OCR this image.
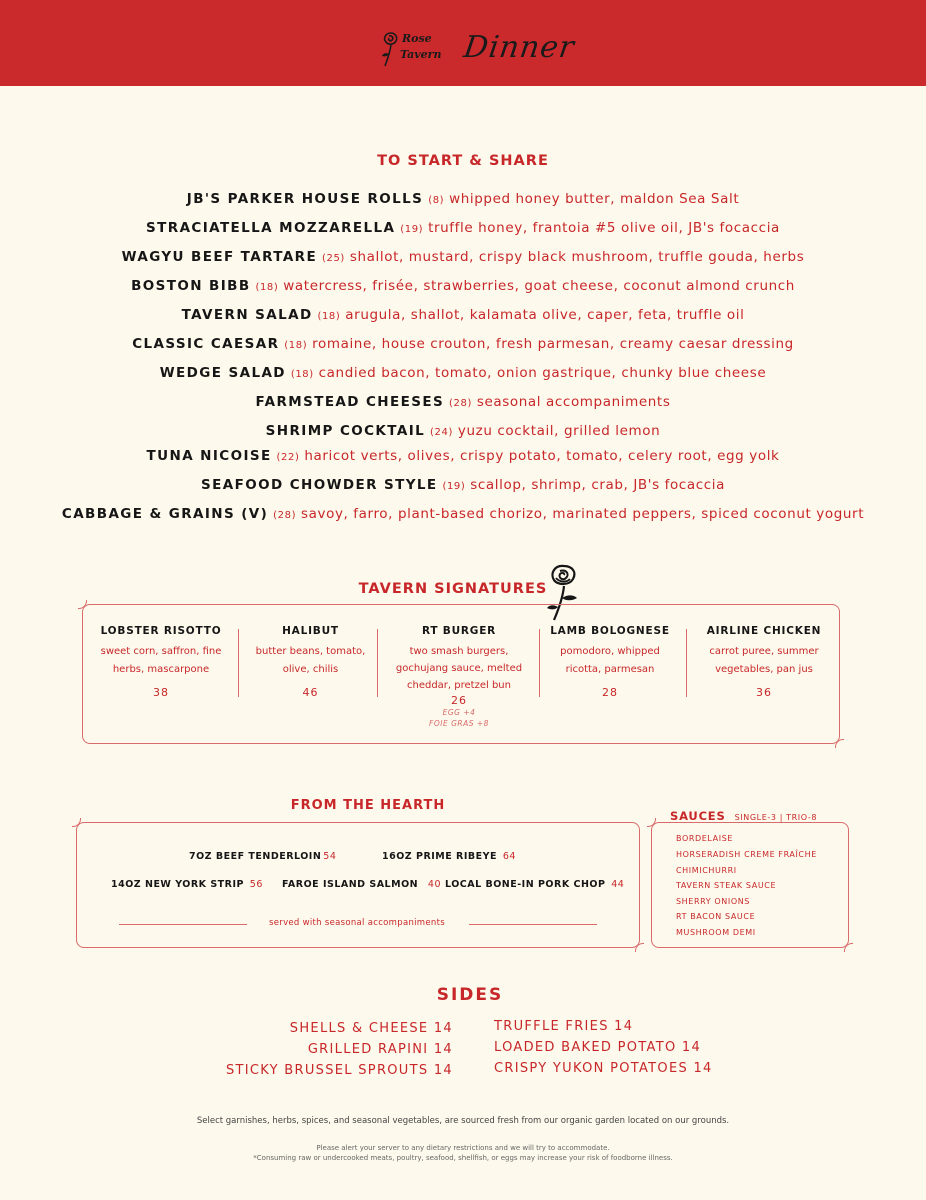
Rose
Tavern Dinner
TO START & SHARE
JB'S PARKER HOUSE ROLLS (8) whipped honey butter, maldon Sea Salt
STRACIATELLA MOZZARELLA (19) truffle honey, frantoia #5 olive oil, JB's focaccia
WAGYU BEEF TARTARE (25) shallot, mustard, crispy black mushroom, truffle gouda, herbs
BOSTON BIBB (18) watercress, frisée, strawberries, goat cheese, coconut almond crunch
TAVERN SALAD (18) arugula, shallot, kalamata olive, caper, feta, truffle oil
CLASSIC CAESAR (18) romaine, house crouton, fresh parmesan, creamy caesar dressing
WEDGE SALAD (18) candied bacon, tomato, onion gastrique, chunky blue cheese
FARMSTEAD CHEESES (28) seasonal accompaniments
SHRIMP COCKTAIL (24) yuzu cocktail, grilled lemon
TUNA NICOISE (22) haricot verts, olives, crispy potato, tomato, celery root, egg yolk
SEAFOOD CHOWDER STYLE (19) scallop, shrimp, crab, JB's focaccia
CABBAGE & GRAINS (V) (28) savoy, farro, plant-based chorizo, marinated peppers, spiced coconut yogurt
TAVERN SIGNATURES
LOBSTER RISOTTO
sweet corn, saffron, fine herbs, mascarpone
38
HALIBUT
butter beans, tomato, olive, chilis
46
RT BURGER
two smash burgers, gochujang sauce, melted cheddar, pretzel bun
26
EGG +4
FOIE GRAS +8
LAMB BOLOGNESE
pomodoro, whipped ricotta, parmesan
28
AIRLINE CHICKEN
carrot puree, summer vegetables, pan jus
36
FROM THE HEARTH
7OZ BEEF TENDERLOIN 54	16OZ PRIME RIBEYE 64
14OZ NEW YORK STRIP 56 FAROE ISLAND SALMON 40 LOCAL BONE-IN PORK CHOP 44
served with seasonal accompaniments
SAUCES SINGLE-3 | TRIO-8
BORDELAISE
HORSERADISH CREME FRAÎCHE
CHIMICHURRI
TAVERN STEAK SAUCE
SHERRY ONIONS
RT BACON SAUCE
MUSHROOM DEMI
SIDES
SHELLS & CHEESE 14
GRILLED RAPINI 14
STICKY BRUSSEL SPROUTS 14
TRUFFLE FRIES 14
LOADED BAKED POTATO 14
CRISPY YUKON POTATOES 14
Select garnishes, herbs, spices, and seasonal vegetables, are sourced fresh from our organic garden located on our grounds.
Please alert your server to any dietary restrictions and we will try to accommodate.
*Consuming raw or undercooked meats, poultry, seafood, shellfish, or eggs may increase your risk of foodborne illness.
